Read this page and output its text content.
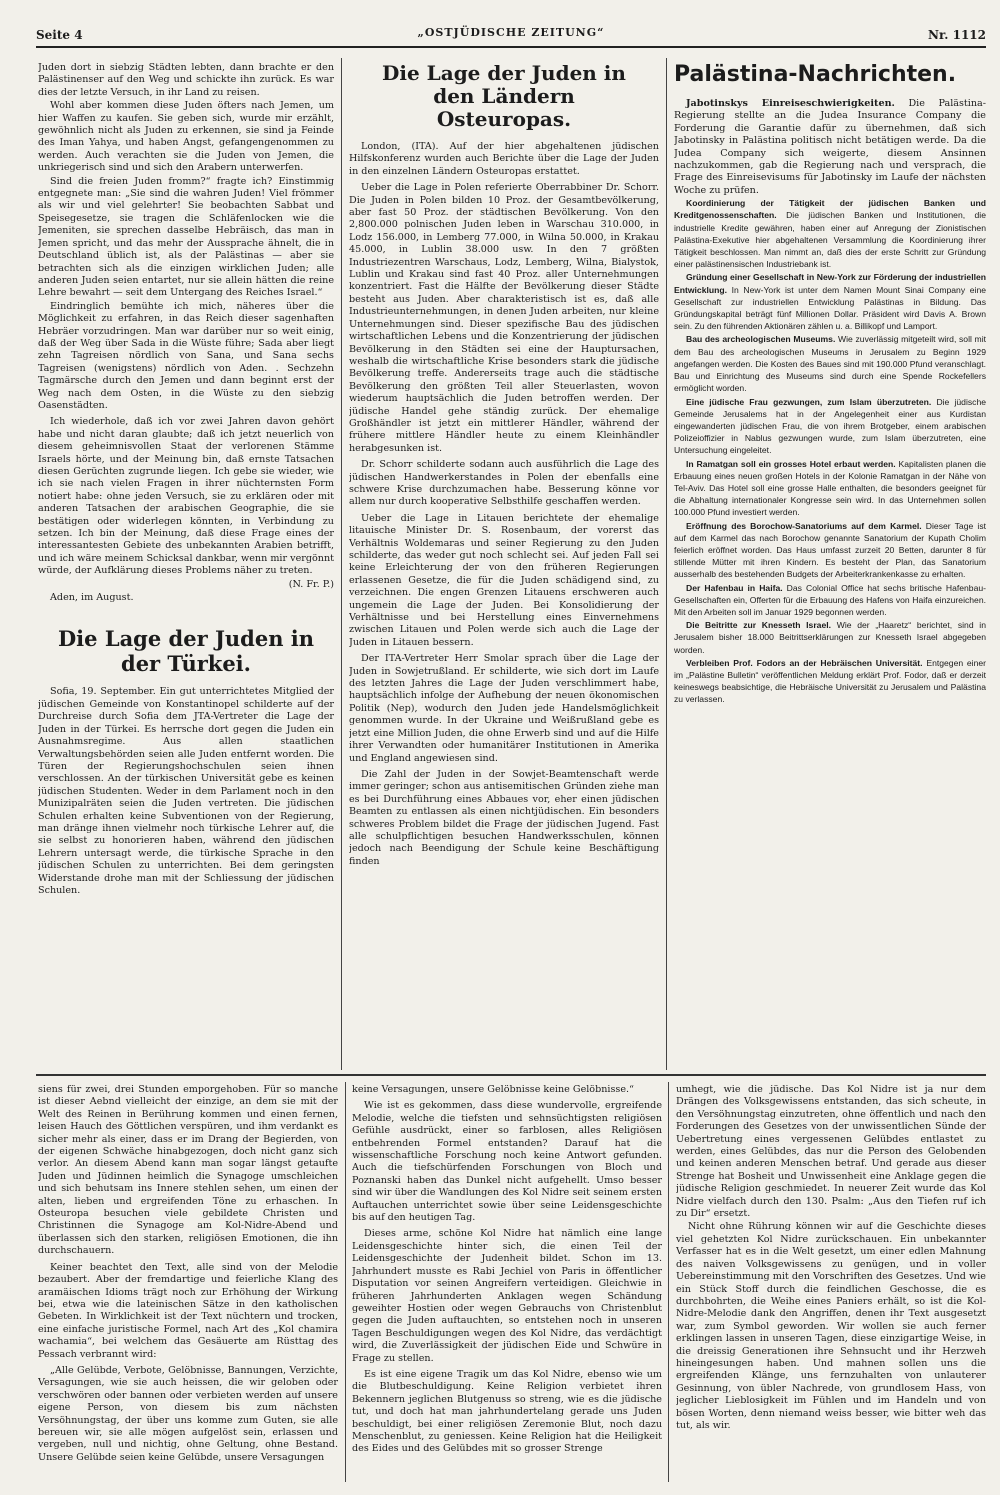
Seite 4	„OSTJÜDISCHE ZEITUNG“	Nr. 1112

Juden dort in siebzig Städten lebten, dann brachte er den Palästinenser auf den Weg und schickte ihn zurück. Es war dies der letzte Versuch, in ihr Land zu reisen.

Wohl aber kommen diese Juden öfters nach Jemen, um hier Waffen zu kaufen. Sie geben sich, wurde mir erzählt, gewöhnlich nicht als Juden zu erkennen, sie sind ja Feinde des Iman Yahya, und haben Angst, gefangengenommen zu werden. Auch verachten sie die Juden von Jemen, die unkriegerisch sind und sich den Arabern unterwerfen.

Sind die freien Juden fromm?“ fragte ich? Einstimmig entgegnete man: „Sie sind die wahren Juden! Viel frömmer als wir und viel gelehrter! Sie beobachten Sabbat und Speisegesetze, sie tragen die Schläfenlocken wie die Jemeniten, sie sprechen dasselbe Hebräisch, das man in Jemen spricht, und das mehr der Aussprache ähnelt, die in Deutschland üblich ist, als der Palästinas — aber sie betrachten sich als die einzigen wirklichen Juden; alle anderen Juden seien entartet, nur sie allein hätten die reine Lehre bewahrt — seit dem Untergang des Reiches Israel.“

Eindringlich bemühte ich mich, näheres über die Möglichkeit zu erfahren, in das Reich dieser sagenhaften Hebräer vorzudringen. Man war darüber nur so weit einig, daß der Weg über Sada in die Wüste führe; Sada aber liegt zehn Tagreisen nördlich von Sana, und Sana sechs Tagreisen (wenigstens) nördlich von Aden. . Sechzehn Tagmärsche durch den Jemen und dann beginnt erst der Weg nach dem Osten, in die Wüste zu den siebzig Oasenstädten.

Ich wiederhole, daß ich vor zwei Jahren davon gehört habe und nicht daran glaubte; daß ich jetzt neuerlich von diesem geheimnisvollen Staat der verlorenen Stämme Israels hörte, und der Meinung bin, daß ernste Tatsachen diesen Gerüchten zugrunde liegen. Ich gebe sie wieder, wie ich sie nach vielen Fragen in ihrer nüchternsten Form notiert habe: ohne jeden Versuch, sie zu erklären oder mit anderen Tatsachen der arabischen Geographie, die sie bestätigen oder widerlegen könnten, in Verbindung zu setzen. Ich bin der Meinung, daß diese Frage eines der interessantesten Gebiete des unbekannten Arabien betrifft, und ich wäre meinem Schicksal dankbar, wenn mir vergönnt würde, der Aufklärung dieses Problems näher zu treten.

(N. Fr. P.)

Aden, im August.

Die Lage der Juden in der Türkei.

Sofia, 19. September. Ein gut unterrichtetes Mitglied der jüdischen Gemeinde von Konstantinopel schilderte auf der Durchreise durch Sofia dem JTA-Vertreter die Lage der Juden in der Türkei. Es herrsche dort gegen die Juden ein Ausnahmsregime. Aus allen staatlichen Verwaltungsbehörden seien alle Juden entfernt worden. Die Türen der Regierungshochschulen seien ihnen verschlossen. An der türkischen Universität gebe es keinen jüdischen Studenten. Weder in dem Parlament noch in den Munizipalräten seien die Juden vertreten. Die jüdischen Schulen erhalten keine Subventionen von der Regierung, man dränge ihnen vielmehr noch türkische Lehrer auf, die sie selbst zu honorieren haben, während den jüdischen Lehrern untersagt werde, die türkische Sprache in den jüdischen Schulen zu unterrichten. Bei dem geringsten Widerstande drohe man mit der Schliessung der jüdischen Schulen.

Die Lage der Juden in den Ländern Osteuropas.

London, (ITA). Auf der hier abgehaltenen jüdischen Hilfskonferenz wurden auch Berichte über die Lage der Juden in den einzelnen Ländern Osteuropas erstattet.

Ueber die Lage in Polen referierte Oberrabbiner Dr. Schorr. Die Juden in Polen bilden 10 Proz. der Gesamtbevölkerung, aber fast 50 Proz. der städtischen Bevölkerung. Von den 2,800.000 polnischen Juden leben in Warschau 310.000, in Lodz 156.000, in Lemberg 77.000, in Wilna 50.000, in Krakau 45.000, in Lublin 38.000 usw. In den 7 größten Industriezentren Warschaus, Lodz, Lemberg, Wilna, Bialystok, Lublin und Krakau sind fast 40 Proz. aller Unternehmungen konzentriert. Fast die Hälfte der Bevölkerung dieser Städte besteht aus Juden. Aber charakteristisch ist es, daß alle Industrieunternehmungen, in denen Juden arbeiten, nur kleine Unternehmungen sind. Dieser spezifische Bau des jüdischen wirtschaftlichen Lebens und die Konzentrierung der jüdischen Bevölkerung in den Städten sei eine der Hauptursachen, weshalb die wirtschaftliche Krise besonders stark die jüdische Bevölkerung treffe. Andererseits trage auch die städtische Bevölkerung den größten Teil aller Steuerlasten, wovon wiederum hauptsächlich die Juden betroffen werden. Der jüdische Handel gehe ständig zurück. Der ehemalige Großhändler ist jetzt ein mittlerer Händler, während der frühere mittlere Händler heute zu einem Kleinhändler herabgesunken ist.

Dr. Schorr schilderte sodann auch ausführlich die Lage des jüdischen Handwerkerstandes in Polen der ebenfalls eine schwere Krise durchzumachen habe. Besserung könne vor allem nur durch kooperative Selbsthilfe geschaffen werden.

Ueber die Lage in Litauen berichtete der ehemalige litauische Minister Dr. S. Rosenbaum, der vorerst das Verhältnis Woldemaras und seiner Regierung zu den Juden schilderte, das weder gut noch schlecht sei. Auf jeden Fall sei keine Erleichterung der von den früheren Regierungen erlassenen Gesetze, die für die Juden schädigend sind, zu verzeichnen. Die engen Grenzen Litauens erschweren auch ungemein die Lage der Juden. Bei Konsolidierung der Verhältnisse und bei Herstellung eines Einvernehmens zwischen Litauen und Polen werde sich auch die Lage der Juden in Litauen bessern.

Der ITA-Vertreter Herr Smolar sprach über die Lage der Juden in Sowjetrußland. Er schilderte, wie sich dort im Laufe des letzten Jahres die Lage der Juden verschlimmert habe, hauptsächlich infolge der Aufhebung der neuen ökonomischen Politik (Nep), wodurch den Juden jede Handelsmöglichkeit genommen wurde. In der Ukraine und Weißrußland gebe es jetzt eine Million Juden, die ohne Erwerb sind und auf die Hilfe ihrer Verwandten oder humanitärer Institutionen in Amerika und England angewiesen sind.

Die Zahl der Juden in der Sowjet-Beamtenschaft werde immer geringer; schon aus antisemitischen Gründen ziehe man es bei Durchführung eines Abbaues vor, eher einen jüdischen Beamten zu entlassen als einen nichtjüdischen. Ein besonders schweres Problem bildet die Frage der jüdischen Jugend. Fast alle schulpflichtigen besuchen Handwerksschulen, können jedoch nach Beendigung der Schule keine Beschäftigung finden

Palästina-Nachrichten.

Jabotinskys Einreiseschwierigkeiten. Die Palästina-Regierung stellte an die Judea Insurance Company die Forderung die Garantie dafür zu übernehmen, daß sich Jabotinsky in Palästina politisch nicht betätigen werde. Da die Judea Company sich weigerte, diesem Ansinnen nachzukommen, gab die Regierung nach und versprach, die Frage des Einreisevisums für Jabotinsky im Laufe der nächsten Woche zu prüfen.

Koordinierung der Tätigkeit der jüdischen Banken und Kreditgenossenschaften. Die jüdischen Banken und Institutionen, die industrielle Kredite gewähren, haben einer auf Anregung der Zionistischen Palästina-Exekutive hier abgehaltenen Versammlung die Koordinierung ihrer Tätigkeit beschlossen. Man nimmt an, daß dies der erste Schritt zur Gründung einer palästinensischen Industriebank ist.

Gründung einer Gesellschaft in New-York zur Förderung der industriellen Entwicklung. In New-York ist unter dem Namen Mount Sinai Company eine Gesellschaft zur industriellen Entwicklung Palästinas in Bildung. Das Gründungskapital beträgt fünf Millionen Dollar. Präsident wird Davis A. Brown sein. Zu den führenden Aktionären zählen u. a. Billikopf und Lamport.

Bau des archeologischen Museums. Wie zuverlässig mitgeteilt wird, soll mit dem Bau des archeologischen Museums in Jerusalem zu Beginn 1929 angefangen werden. Die Kosten des Baues sind mit 190.000 Pfund veranschlagt. Bau und Einrichtung des Museums sind durch eine Spende Rockefellers ermöglicht worden.

Eine jüdische Frau gezwungen, zum Islam überzutreten. Die jüdische Gemeinde Jerusalems hat in der Angelegenheit einer aus Kurdistan eingewanderten jüdischen Frau, die von ihrem Brotgeber, einem arabischen Polizeioffizier in Nablus gezwungen wurde, zum Islam überzutreten, eine Untersuchung eingeleitet.

In Ramatgan soll ein grosses Hotel erbaut werden. Kapitalisten planen die Erbauung eines neuen großen Hotels in der Kolonie Ramatgan in der Nähe von Tel-Aviv. Das Hotel soll eine grosse Halle enthalten, die besonders geeignet für die Abhaltung internationaler Kongresse sein wird. In das Unternehmen sollen 100.000 Pfund investiert werden.

Eröffnung des Borochow-Sanatoriums auf dem Karmel. Dieser Tage ist auf dem Karmel das nach Borochow genannte Sanatorium der Kupath Cholim feierlich eröffnet worden. Das Haus umfasst zurzeit 20 Betten, darunter 8 für stillende Mütter mit ihren Kindern. Es besteht der Plan, das Sanatorium ausserhalb des bestehenden Budgets der Arbeiterkrankenkasse zu erhalten.

Der Hafenbau in Haifa. Das Colonial Office hat sechs britische Hafenbau-Gesellschaften ein, Offerten für die Erbauung des Hafens von Haifa einzureichen. Mit den Arbeiten soll im Januar 1929 begonnen werden.

Die Beitritte zur Knesseth Israel. Wie der „Haaretz“ berichtet, sind in Jerusalem bisher 18.000 Beitrittserklärungen zur Knesseth Israel abgegeben worden.

Verbleiben Prof. Fodors an der Hebräischen Universität. Entgegen einer im „Palästine Bulletin“ veröffentlichen Meldung erklärt Prof. Fodor, daß er derzeit keineswegs beabsichtige, die Hebräische Universität zu Jerusalem und Palästina zu verlassen.

siens für zwei, drei Stunden emporgehoben. Für so manche ist dieser Aebnd vielleicht der einzige, an dem sie mit der Welt des Reinen in Berührung kommen und einen fernen, leisen Hauch des Göttlichen verspüren, und ihm verdankt es sicher mehr als einer, dass er im Drang der Begierden, von der eigenen Schwäche hinabgezogen, doch nicht ganz sich verlor. An diesem Abend kann man sogar längst getaufte Juden und Jüdinnen heimlich die Synagoge umschleichen und sich behutsam ins Innere stehlen sehen, um einen der alten, lieben und ergreifenden Töne zu erhaschen. In Osteuropa besuchen viele gebildete Christen und Christinnen die Synagoge am Kol-Nidre-Abend und überlassen sich den starken, religiösen Emotionen, die ihn durchschauern.

Keiner beachtet den Text, alle sind von der Melodie bezaubert. Aber der fremdartige und feierliche Klang des aramäischen Idioms trägt noch zur Erhöhung der Wirkung bei, etwa wie die lateinischen Sätze in den katholischen Gebeten. In Wirklichkeit ist der Text nüchtern und trocken, eine einfache juristische Formel, nach Art des „Kol chamira wachamia“, bei welchem das Gesäuerte am Rüsttag des Pessach verbrannt wird:

„Alle Gelübde, Verbote, Gelöbnisse, Bannungen, Verzichte, Versagungen, wie sie auch heissen, die wir geloben oder verschwören oder bannen oder verbieten werden auf unsere eigene Person, von diesem bis zum nächsten Versöhnungstag, der über uns komme zum Guten, sie alle bereuen wir, sie alle mögen aufgelöst sein, erlassen und vergeben, null und nichtig, ohne Geltung, ohne Bestand. Unsere Gelübde seien keine Gelübde, unsere Versagungen

keine Versagungen, unsere Gelöbnisse keine Gelöbnisse.“

Wie ist es gekommen, dass diese wundervolle, ergreifende Melodie, welche die tiefsten und sehnsüchtigsten religiösen Gefühle ausdrückt, einer so farblosen, alles Religiösen entbehrenden Formel entstanden? Darauf hat die wissenschaftliche Forschung noch keine Antwort gefunden. Auch die tiefschürfenden Forschungen von Bloch und Poznanski haben das Dunkel nicht aufgehellt. Umso besser sind wir über die Wandlungen des Kol Nidre seit seinem ersten Auftauchen unterrichtet sowie über seine Leidensgeschichte bis auf den heutigen Tag.

Dieses arme, schöne Kol Nidre hat nämlich eine lange Leidensgeschichte hinter sich, die einen Teil der Leidensgeschichte der Judenheit bildet. Schon im 13. Jahrhundert musste es Rabi Jechiel von Paris in öffentlicher Disputation vor seinen Angreifern verteidigen. Gleichwie in früheren Jahrhunderten Anklagen wegen Schändung geweihter Hostien oder wegen Gebrauchs von Christenblut gegen die Juden auftauchten, so entstehen noch in unseren Tagen Beschuldigungen wegen des Kol Nidre, das verdächtigt wird, die Zuverlässigkeit der jüdischen Eide und Schwüre in Frage zu stellen.

Es ist eine eigene Tragik um das Kol Nidre, ebenso wie um die Blutbeschuldigung. Keine Religion verbietet ihren Bekennern jeglichen Blutgenuss so streng, wie es die jüdische tut, und doch hat man jahrhundertelang gerade uns Juden beschuldigt, bei einer religiösen Zeremonie Blut, noch dazu Menschenblut, zu geniessen. Keine Religion hat die Heiligkeit des Eides und des Gelübdes mit so grosser Strenge

umhegt, wie die jüdische. Das Kol Nidre ist ja nur dem Drängen des Volksgewissens entstanden, das sich scheute, in den Versöhnungstag einzutreten, ohne öffentlich und nach den Forderungen des Gesetzes von der unwissentlichen Sünde der Uebertretung eines vergessenen Gelübdes entlastet zu werden, eines Gelübdes, das nur die Person des Gelobenden und keinen anderen Menschen betraf. Und gerade aus dieser Strenge hat Bosheit und Unwissenheit eine Anklage gegen die jüdische Religion geschmiedet. In neuerer Zeit wurde das Kol Nidre vielfach durch den 130. Psalm: „Aus den Tiefen ruf ich zu Dir“ ersetzt.

Nicht ohne Rührung können wir auf die Geschichte dieses viel gehetzten Kol Nidre zurückschauen. Ein unbekannter Verfasser hat es in die Welt gesetzt, um einer edlen Mahnung des naiven Volksgewissens zu genügen, und in voller Uebereinstimmung mit den Vorschriften des Gesetzes. Und wie ein Stück Stoff durch die feindlichen Geschosse, die es durchbohrten, die Weihe eines Paniers erhält, so ist die Kol-Nidre-Melodie dank den Angriffen, denen ihr Text ausgesetzt war, zum Symbol geworden. Wir wollen sie auch ferner erklingen lassen in unseren Tagen, diese einzigartige Weise, in die dreissig Generationen ihre Sehnsucht und ihr Herzweh hineingesungen haben. Und mahnen sollen uns die ergreifenden Klänge, uns fernzuhalten von unlauterer Gesinnung, von übler Nachrede, von grundlosem Hass, von jeglicher Lieblosigkeit im Fühlen und im Handeln und von bösen Worten, denn niemand weiss besser, wie bitter weh das tut, als wir.
